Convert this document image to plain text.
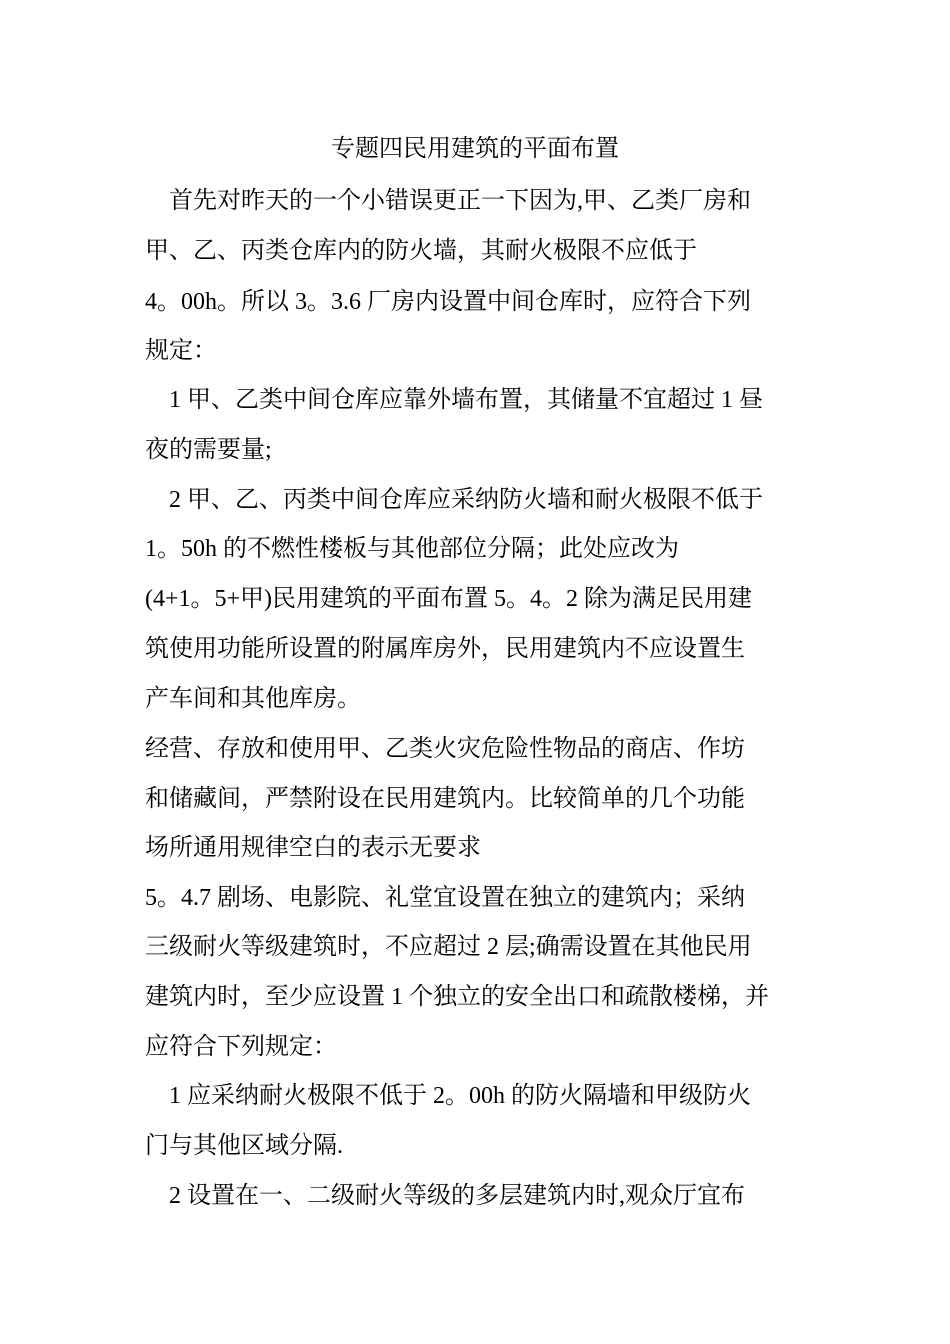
专题四民用建筑的平面布置
　首先对昨天的一个小错误更正一下因为,甲、乙类厂房和
甲、乙、丙类仓库内的防火墙，其耐火极限不应低于
4。00h。所以 3。3.6 厂房内设置中间仓库时，应符合下列
规定：
　1 甲、乙类中间仓库应靠外墙布置，其储量不宜超过 1 昼
夜的需要量;
　2 甲、乙、丙类中间仓库应采纳防火墙和耐火极限不低于
1。50h 的不燃性楼板与其他部位分隔；此处应改为
(4+1。5+甲)民用建筑的平面布置 5。4。2 除为满足民用建
筑使用功能所设置的附属库房外，民用建筑内不应设置生
产车间和其他库房。
经营、存放和使用甲、乙类火灾危险性物品的商店、作坊
和储藏间，严禁附设在民用建筑内。比较简单的几个功能
场所通用规律空白的表示无要求
5。4.7 剧场、电影院、礼堂宜设置在独立的建筑内；采纳
三级耐火等级建筑时，不应超过 2 层;确需设置在其他民用
建筑内时，至少应设置 1 个独立的安全出口和疏散楼梯，并
应符合下列规定：
　1 应采纳耐火极限不低于 2。00h 的防火隔墙和甲级防火
门与其他区域分隔.
　2 设置在一、二级耐火等级的多层建筑内时,观众厅宜布
